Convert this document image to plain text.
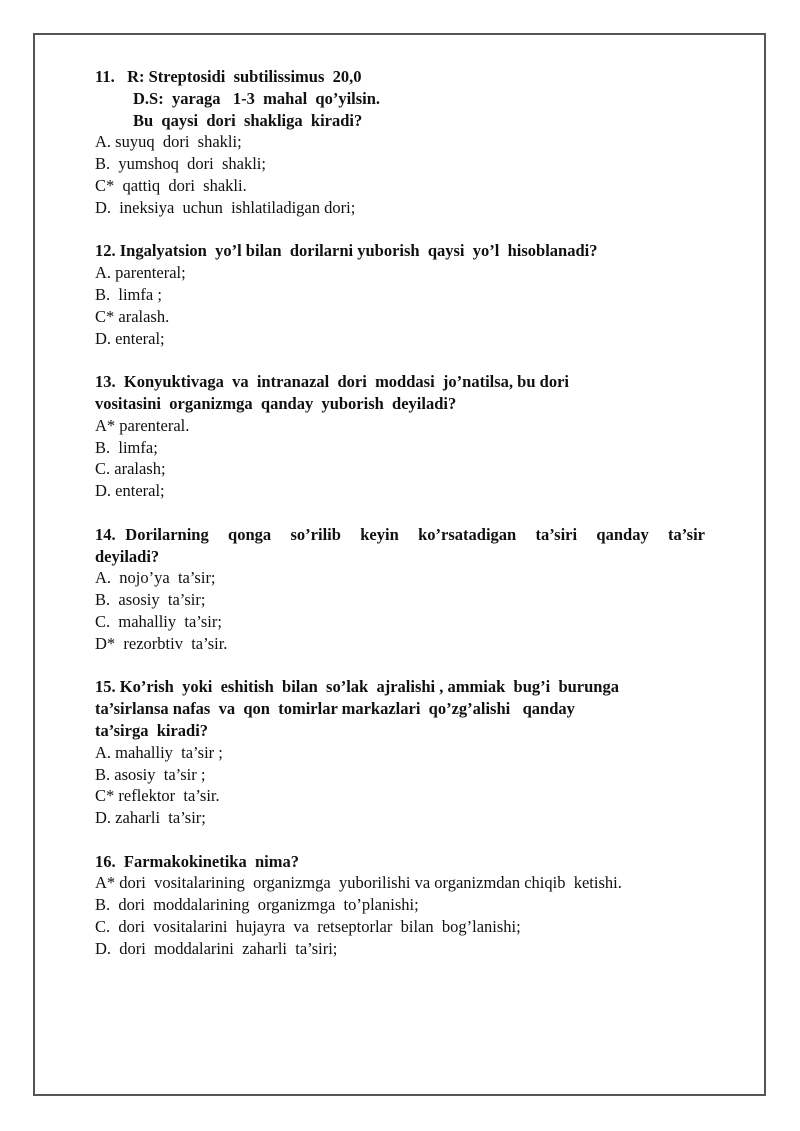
11. R: Streptosidi  subtilissimus  20,0
D.S:  yaraga   1-3  mahal  qo’yilsin.
Bu  qaysi  dori  shakliga  kiradi?
A. suyuq  dori  shakli;
B.  yumshoq  dori  shakli;
C*  qattiq  dori  shakli.
D.  ineksiya  uchun  ishlatiladigan dori;
12. Ingalyatsion  yo’l bilan  dorilarni yuborish  qaysi  yo’l  hisoblanadi?
A. parenteral;
B.  limfa ;
C* aralash.
D. enteral;
13. Konyuktivaga  va  intranazal  dori  moddasi  jo’natilsa, bu dori
vositasini  organizmga  qanday  yuborish  deyiladi?
A* parenteral.
B.  limfa;
C. aralash;
D. enteral;
14. Dorilarning  qonga  so’rilib  keyin  ko’rsatadigan  ta’siri  qanday  ta’sir
deyiladi?
A.  nojo’ya  ta’sir;
B.  asosiy  ta’sir;
C.  mahalliy  ta’sir;
D*  rezorbtiv  ta’sir.
15. Ko’rish  yoki  eshitish  bilan  so’lak  ajralishi , ammiak  bug’i  burunga
ta’sirlansa nafas  va  qon  tomirlar markazlari  qo’zg’alishi   qanday
ta’sirga  kiradi?
A. mahalliy  ta’sir ;
B. asosiy  ta’sir ;
C* reflektor  ta’sir.
D. zaharli  ta’sir;
16. Farmakokinetika  nima?
A* dori  vositalarining  organizmga  yuborilishi va organizmdan chiqib  ketishi.
B.  dori  moddalarining  organizmga  to’planishi;
C.  dori  vositalarini  hujayra  va  retseptorlar  bilan  bog’lanishi;
D.  dori  moddalarini  zaharli  ta’siri;
